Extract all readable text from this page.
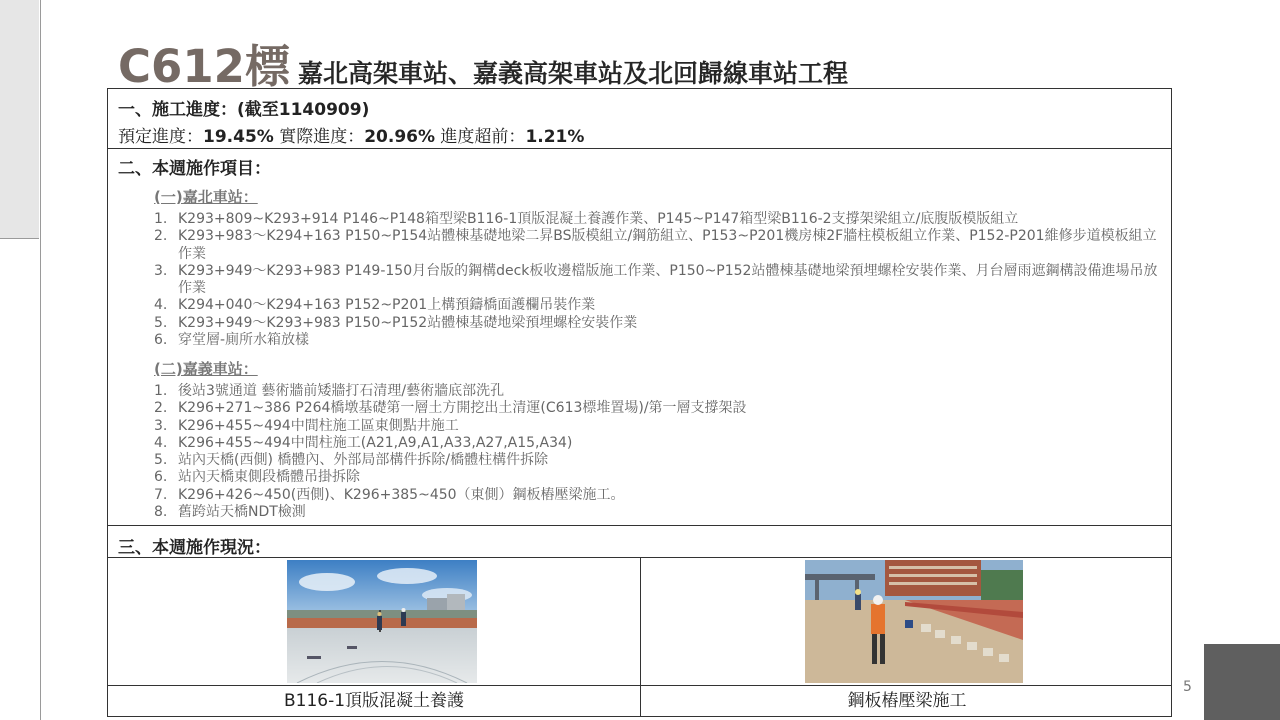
C612標 嘉北高架車站、嘉義高架車站及北回歸線車站工程
一、施工進度：(截至1140909)
預定進度：19.45% 實際進度：20.96% 進度超前：1.21%
二、本週施作項目：
(一)嘉北車站：
1. K293+809~K293+914 P146~P148箱型梁B116-1頂版混凝土養護作業、P145~P147箱型梁B116-2支撐架梁組立/底腹版模版組立
2. K293+983～K294+163 P150~P154站體棟基礎地梁二昇BS版模組立/鋼筋組立、P153~P201機房棟2F牆柱模板組立作業、P152-P201維修步道模板組立作業
3. K293+949～K293+983 P149-150月台版的鋼構deck板收邊檔版施工作業、P150~P152站體棟基礎地梁預埋螺栓安裝作業、月台層雨遮鋼構設備進場吊放作業
4. K294+040～K294+163 P152~P201上構預鑄橋面護欄吊裝作業
5. K293+949～K293+983 P150~P152站體棟基礎地梁預埋螺栓安裝作業
6. 穿堂層-廁所水箱放樣
(二)嘉義車站：
1. 後站3號通道 藝術牆前矮牆打石清理/藝術牆底部洗孔
2. K296+271~386 P264橋墩基礎第一層土方開挖出土清運(C613標堆置場)/第一層支撐架設
3. K296+455~494中間柱施工區東側點井施工
4. K296+455~494中間柱施工(A21,A9,A1,A33,A27,A15,A34)
5. 站內天橋(西側) 橋體內、外部局部構件拆除/橋體柱構件拆除
6. 站內天橋東側段橋體吊掛拆除
7. K296+426~450(西側)、K296+385~450（東側）鋼板樁壓梁施工。
8. 舊跨站天橋NDT檢測
三、本週施作現況：
B116-1頂版混凝土養護	鋼板樁壓梁施工
5
